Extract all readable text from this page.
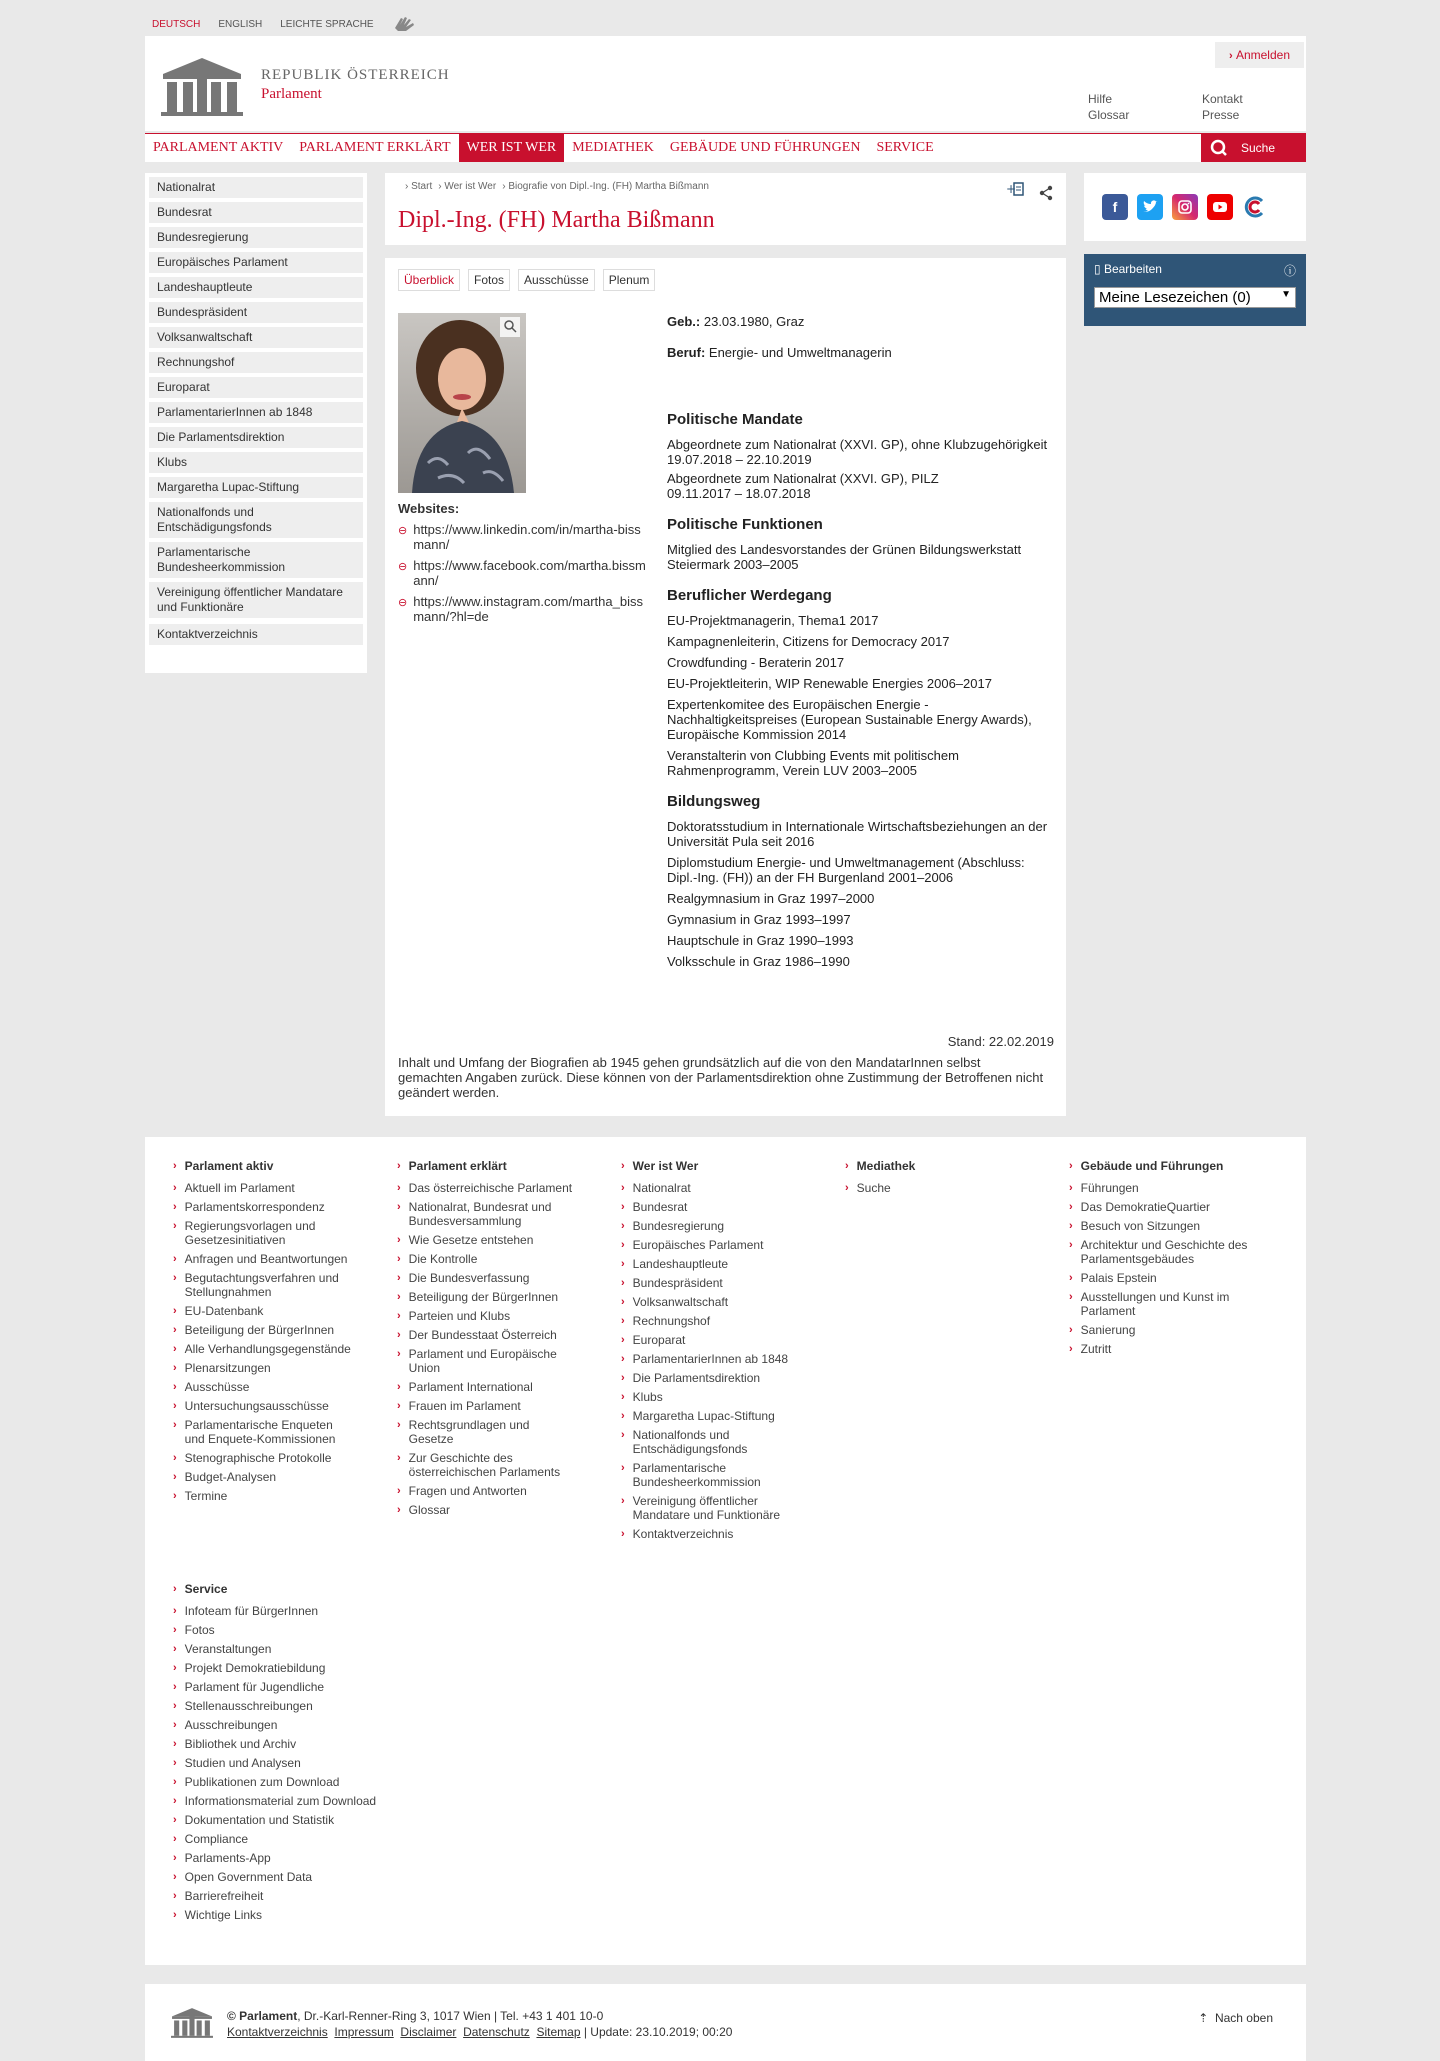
DEUTSCH ENGLISH LEICHTE SPRACHE
REPUBLIK ÖSTERREICH
Parlament
› Anmelden
Hilfe
Glossar
Kontakt
Presse
PARLAMENT AKTIV	PARLAMENT ERKLÄRT	WER IST WER	MEDIATHEK	GEBÄUDE UND FÜHRUNGEN	SERVICE	Suche
Nationalrat
Bundesrat
Bundesregierung
Europäisches Parlament
Landeshauptleute
Bundespräsident
Volksanwaltschaft
Rechnungshof
Europarat
ParlamentarierInnen ab 1848
Die Parlamentsdirektion
Klubs
Margaretha Lupac-Stiftung
Nationalfonds und Entschädigungsfonds
Parlamentarische Bundesheerkommission
Vereinigung öffentlicher Mandatare und Funktionäre
Kontaktverzeichnis
› Start › Wer ist Wer › Biografie von Dipl.-Ing. (FH) Martha Bißmann	+
Dipl.-Ing. (FH) Martha Bißmann
Überblick	Fotos	Ausschüsse	Plenum
Websites:
⊖ https://www.linkedin.com/in/martha-bissmann/
⊖ https://www.facebook.com/martha.bissmann/
⊖ https://www.instagram.com/martha_bissmann/?hl=de

Geb.: 23.03.1980, Graz

Beruf: Energie- und Umweltmanagerin

Politische Mandate
Abgeordnete zum Nationalrat (XXVI. GP), ohne Klubzugehörigkeit
19.07.2018 – 22.10.2019
Abgeordnete zum Nationalrat (XXVI. GP), PILZ
09.11.2017 – 18.07.2018
Politische Funktionen

Mitglied des Landesvorstandes der Grünen Bildungswerkstatt Steiermark 2003–2005

Beruflicher Werdegang

EU-Projektmanagerin, Thema1 2017

Kampagnenleiterin, Citizens for Democracy 2017

Crowdfunding - Beraterin 2017

EU-Projektleiterin, WIP Renewable Energies 2006–2017

Expertenkomitee des Europäischen Energie - Nachhaltigkeitspreises (European Sustainable Energy Awards), Europäische Kommission 2014

Veranstalterin von Clubbing Events mit politischem Rahmenprogramm, Verein LUV 2003–2005

Bildungsweg

Doktoratsstudium in Internationale Wirtschaftsbeziehungen an der Universität Pula seit 2016

Diplomstudium Energie- und Umweltmanagement (Abschluss: Dipl.-Ing. (FH)) an der FH Burgenland 2001–2006

Realgymnasium in Graz 1997–2000

Gymnasium in Graz 1993–1997

Hauptschule in Graz 1990–1993

Volksschule in Graz 1986–1990

Stand: 22.02.2019
Inhalt und Umfang der Biografien ab 1945 gehen grundsätzlich auf die von den MandatarInnen selbst gemachten Angaben zurück. Diese können von der Parlamentsdirektion ohne Zustimmung der Betroffenen nicht geändert werden.
f
▯ Bearbeiten	ⓘ
Meine Lesezeichen (0)	▼
› Parlament aktiv
› Aktuell im Parlament
› Parlamentskorrespondenz
› Regierungsvorlagen und Gesetzesinitiativen
› Anfragen und Beantwortungen
› Begutachtungsverfahren und Stellungnahmen
› EU-Datenbank
› Beteiligung der BürgerInnen
› Alle Verhandlungsgegenstände
› Plenarsitzungen
› Ausschüsse
› Untersuchungsausschüsse
› Parlamentarische Enqueten und Enquete-Kommissionen
› Stenographische Protokolle
› Budget-Analysen
› Termine
› Parlament erklärt
› Das österreichische Parlament
› Nationalrat, Bundesrat und Bundesversammlung
› Wie Gesetze entstehen
› Die Kontrolle
› Die Bundesverfassung
› Beteiligung der BürgerInnen
› Parteien und Klubs
› Der Bundesstaat Österreich
› Parlament und Europäische Union
› Parlament International
› Frauen im Parlament
› Rechtsgrundlagen und Gesetze
› Zur Geschichte des österreichischen Parlaments
› Fragen und Antworten
› Glossar
› Wer ist Wer
› Nationalrat
› Bundesrat
› Bundesregierung
› Europäisches Parlament
› Landeshauptleute
› Bundespräsident
› Volksanwaltschaft
› Rechnungshof
› Europarat
› ParlamentarierInnen ab 1848
› Die Parlamentsdirektion
› Klubs
› Margaretha Lupac-Stiftung
› Nationalfonds und Entschädigungsfonds
› Parlamentarische Bundesheerkommission
› Vereinigung öffentlicher Mandatare und Funktionäre
› Kontaktverzeichnis
› Mediathek
› Suche
› Gebäude und Führungen
› Führungen
› Das DemokratieQuartier
› Besuch von Sitzungen
› Architektur und Geschichte des Parlamentsgebäudes
› Palais Epstein
› Ausstellungen und Kunst im Parlament
› Sanierung
› Zutritt
› Service
› Infoteam für BürgerInnen
› Fotos
› Veranstaltungen
› Projekt Demokratiebildung
› Parlament für Jugendliche
› Stellenausschreibungen
› Ausschreibungen
› Bibliothek und Archiv
› Studien und Analysen
› Publikationen zum Download
› Informationsmaterial zum Download
› Dokumentation und Statistik
› Compliance
› Parlaments-App
› Open Government Data
› Barrierefreiheit
› Wichtige Links
© Parlament, Dr.-Karl-Renner-Ring 3, 1017 Wien | Tel. +43 1 401 10-0
Kontaktverzeichnis Impressum Disclaimer Datenschutz Sitemap | Update: 23.10.2019; 00:20
⇡ Nach oben
